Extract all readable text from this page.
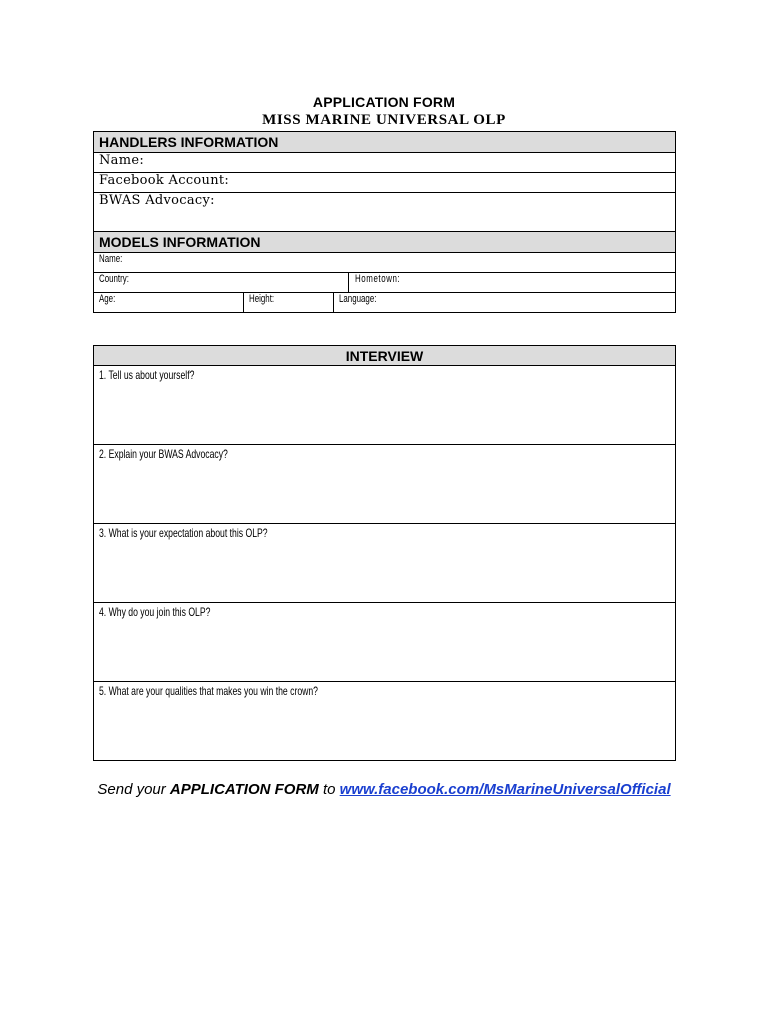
APPLICATION FORM
MISS MARINE UNIVERSAL OLP
HANDLERS INFORMATION			
Name:			
Facebook Account:			
BWAS Advocacy:			
MODELS INFORMATION			
Name:			
Country:			Hometown:
Age:	Height:	Language:	
INTERVIEW
1. Tell us about yourself?
2. Explain your BWAS Advocacy?
3. What is your expectation about this OLP?
4. Why do you join this OLP?
5. What are your qualities that makes you win the crown?
Send your APPLICATION FORM to www.facebook.com/MsMarineUniversalOfficial
